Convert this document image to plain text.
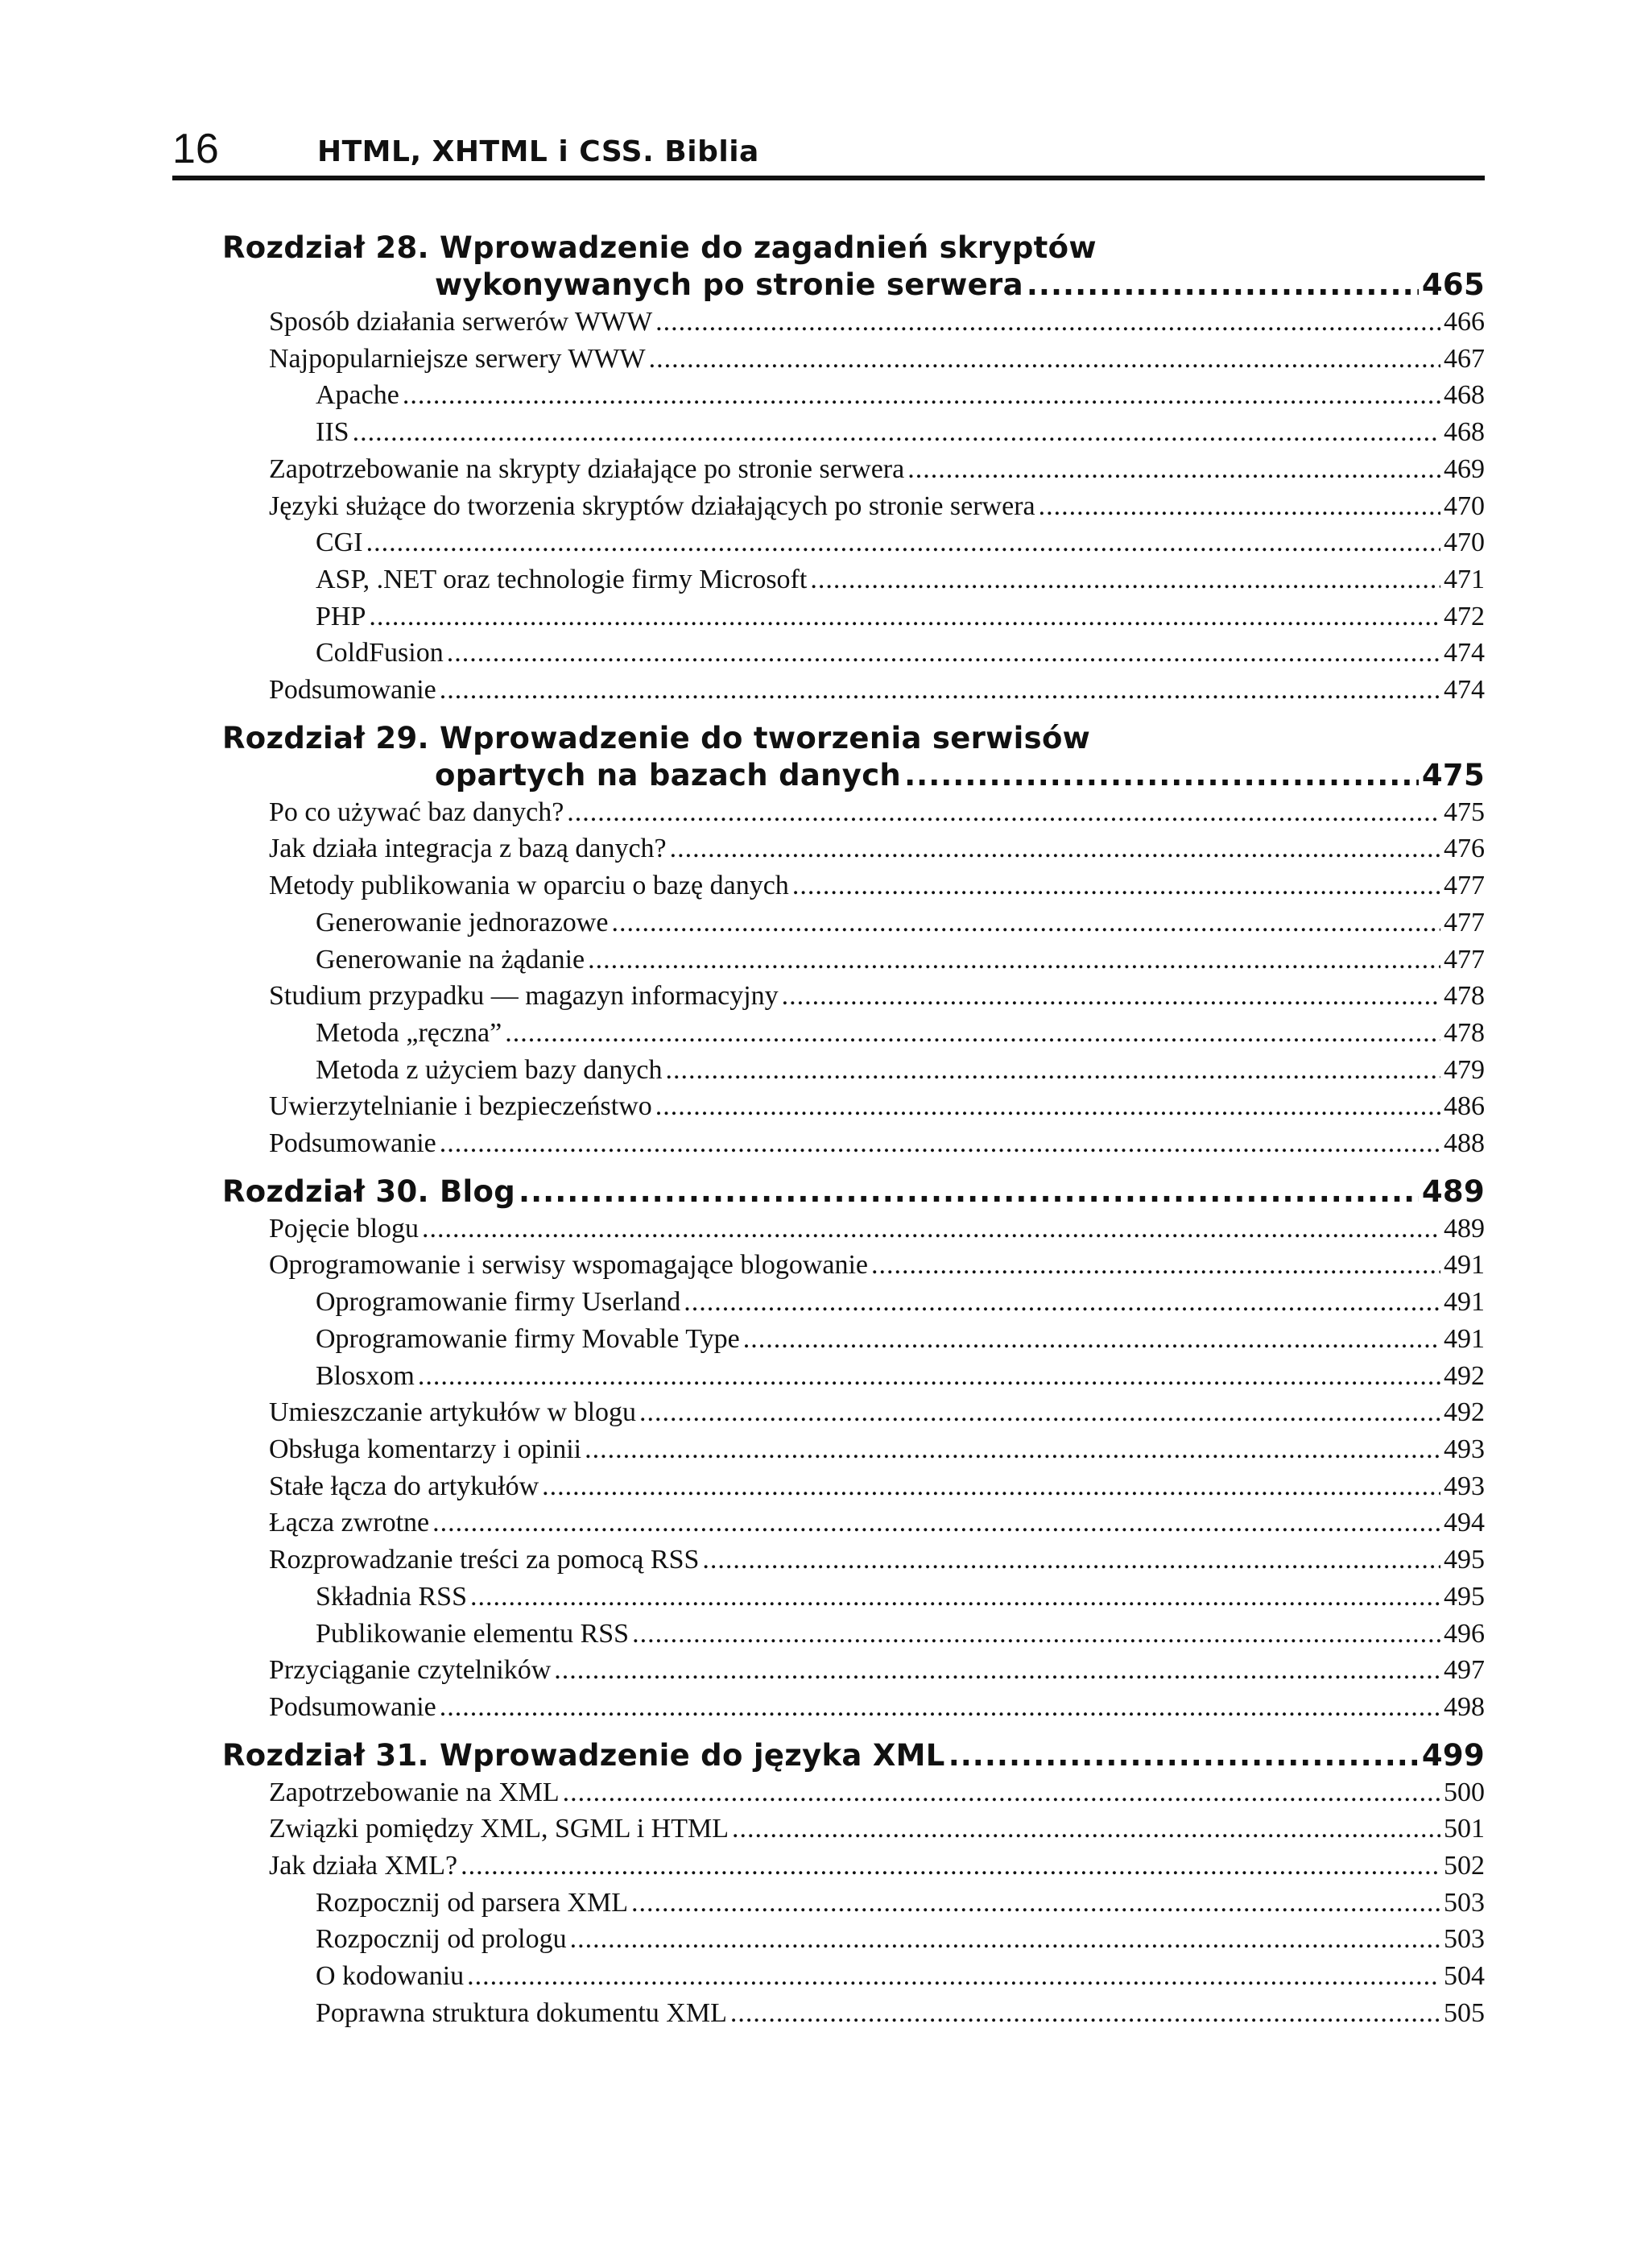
16	HTML, XHTML i CSS. Biblia
Rozdział 28. Wprowadzenie do zagadnień skryptów
wykonywanych po stronie serwera .....	465
Sposób działania serwerów WWW .....	466
Najpopularniejsze serwery WWW .....	467
Apache .....	468
IIS .....	468
Zapotrzebowanie na skrypty działające po stronie serwera .....	469
Języki służące do tworzenia skryptów działających po stronie serwera .....	470
CGI .....	470
ASP, .NET oraz technologie firmy Microsoft .....	471
PHP .....	472
ColdFusion .....	474
Podsumowanie .....	474
Rozdział 29. Wprowadzenie do tworzenia serwisów
opartych na bazach danych .....	475
Po co używać baz danych? .....	475
Jak działa integracja z bazą danych? .....	476
Metody publikowania w oparciu o bazę danych .....	477
Generowanie jednorazowe .....	477
Generowanie na żądanie .....	477
Studium przypadku — magazyn informacyjny .....	478
Metoda „ręczna” .....	478
Metoda z użyciem bazy danych .....	479
Uwierzytelnianie i bezpieczeństwo .....	486
Podsumowanie .....	488
Rozdział 30. Blog .....	489
Pojęcie blogu .....	489
Oprogramowanie i serwisy wspomagające blogowanie .....	491
Oprogramowanie firmy Userland .....	491
Oprogramowanie firmy Movable Type .....	491
Blosxom .....	492
Umieszczanie artykułów w blogu .....	492
Obsługa komentarzy i opinii .....	493
Stałe łącza do artykułów .....	493
Łącza zwrotne .....	494
Rozprowadzanie treści za pomocą RSS .....	495
Składnia RSS .....	495
Publikowanie elementu RSS .....	496
Przyciąganie czytelników .....	497
Podsumowanie .....	498
Rozdział 31. Wprowadzenie do języka XML .....	499
Zapotrzebowanie na XML .....	500
Związki pomiędzy XML, SGML i HTML .....	501
Jak działa XML? .....	502
Rozpocznij od parsera XML .....	503
Rozpocznij od prologu .....	503
O kodowaniu .....	504
Poprawna struktura dokumentu XML .....	505
